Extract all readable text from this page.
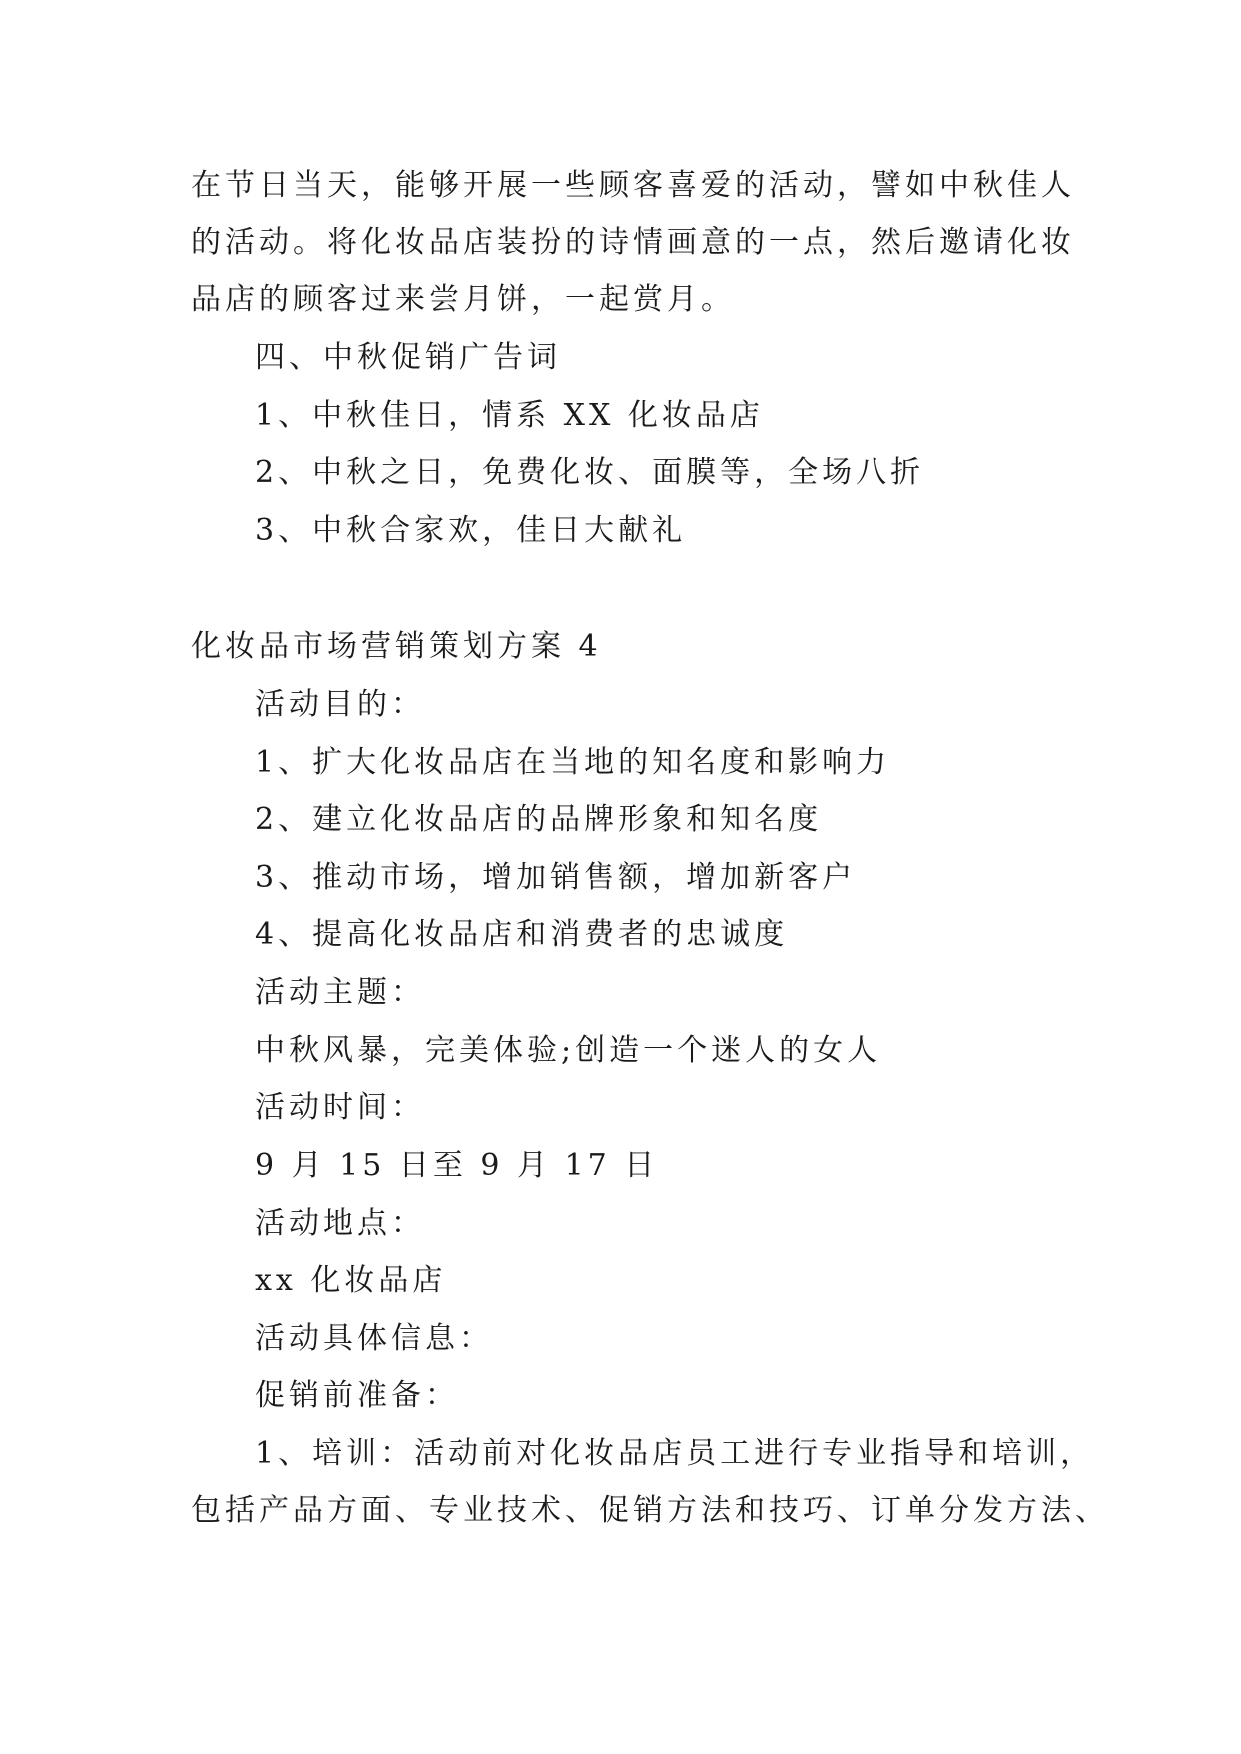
在节日当天，能够开展一些顾客喜爱的活动，譬如中秋佳人
的活动。将化妆品店装扮的诗情画意的一点，然后邀请化妆
品店的顾客过来尝月饼，一起赏月。
四、中秋促销广告词
1、中秋佳日，情系 XX 化妆品店
2、中秋之日，免费化妆、面膜等，全场八折
3、中秋合家欢，佳日大献礼
化妆品市场营销策划方案 4
活动目的：
1、扩大化妆品店在当地的知名度和影响力
2、建立化妆品店的品牌形象和知名度
3、推动市场，增加销售额，增加新客户
4、提高化妆品店和消费者的忠诚度
活动主题：
中秋风暴，完美体验;创造一个迷人的女人
活动时间：
9 月 15 日至 9 月 17 日
活动地点：
xx 化妆品店
活动具体信息：
促销前准备：
1、培训：活动前对化妆品店员工进行专业指导和培训，
包括产品方面、专业技术、促销方法和技巧、订单分发方法、
